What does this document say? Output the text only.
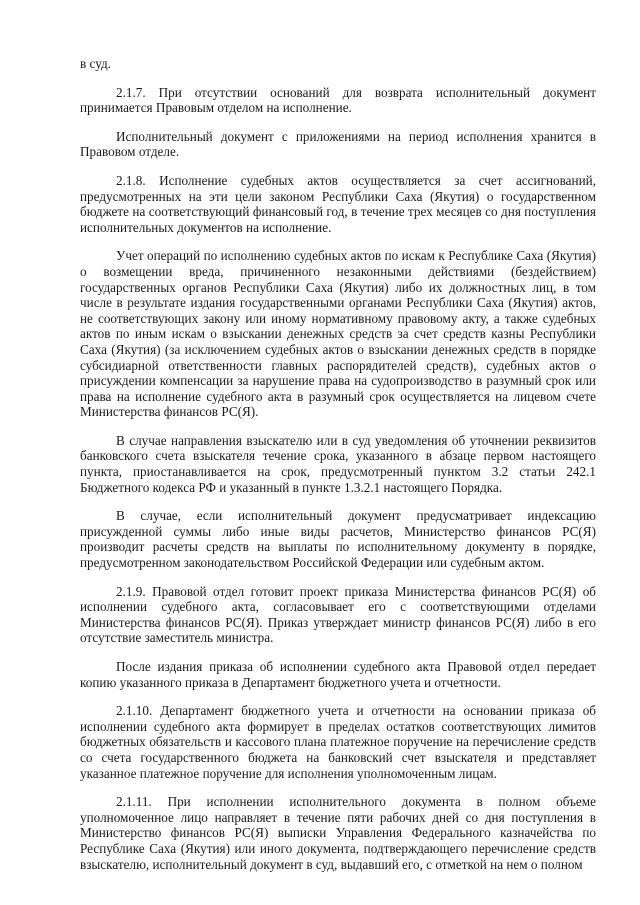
в суд.

2.1.7. При отсутствии оснований для возврата исполнительный документ принимается Правовым отделом на исполнение.

Исполнительный документ с приложениями на период исполнения хранится в Правовом отделе.

2.1.8. Исполнение судебных актов осуществляется за счет ассигнований, предусмотренных на эти цели законом Республики Саха (Якутия) о государственном бюджете на соответствующий финансовый год, в течение трех месяцев со дня поступления исполнительных документов на исполнение.

Учет операций по исполнению судебных актов по искам к Республике Саха (Якутия) о возмещении вреда, причиненного незаконными действиями (бездействием) государственных органов Республики Саха (Якутия) либо их должностных лиц, в том числе в результате издания государственными органами Республики Саха (Якутия) актов, не соответствующих закону или иному нормативному правовому акту, а также судебных актов по иным искам о взыскании денежных средств за счет средств казны Республики Саха (Якутия) (за исключением судебных актов о взыскании денежных средств в порядке субсидиарной ответственности главных распорядителей средств), судебных актов о присуждении компенсации за нарушение права на судопроизводство в разумный срок или права на исполнение судебного акта в разумный срок осуществляется на лицевом счете Министерства финансов РС(Я).

В случае направления взыскателю или в суд уведомления об уточнении реквизитов банковского счета взыскателя течение срока, указанного в абзаце первом настоящего пункта, приостанавливается на срок, предусмотренный пунктом 3.2 статьи 242.1 Бюджетного кодекса РФ и указанный в пункте 1.3.2.1 настоящего Порядка.

В случае, если исполнительный документ предусматривает индексацию присужденной суммы либо иные виды расчетов, Министерство финансов РС(Я) производит расчеты средств на выплаты по исполнительному документу в порядке, предусмотренном законодательством Российской Федерации или судебным актом.

2.1.9. Правовой отдел готовит проект приказа Министерства финансов РС(Я) об исполнении судебного акта, согласовывает его с соответствующими отделами Министерства финансов РС(Я). Приказ утверждает министр финансов РС(Я) либо в его отсутствие заместитель министра.

После издания приказа об исполнении судебного акта Правовой отдел передает копию указанного приказа в Департамент бюджетного учета и отчетности.

2.1.10. Департамент бюджетного учета и отчетности на основании приказа об исполнении судебного акта формирует в пределах остатков соответствующих лимитов бюджетных обязательств и кассового плана платежное поручение на перечисление средств со счета государственного бюджета на банковский счет взыскателя и представляет указанное платежное поручение для исполнения уполномоченным лицам.

2.1.11. При исполнении исполнительного документа в полном объеме уполномоченное лицо направляет в течение пяти рабочих дней со дня поступления в Министерство финансов РС(Я) выписки Управления Федерального казначейства по Республике Саха (Якутия) или иного документа, подтверждающего перечисление средств взыскателю, исполнительный документ в суд, выдавший его, с отметкой на нем о полном
